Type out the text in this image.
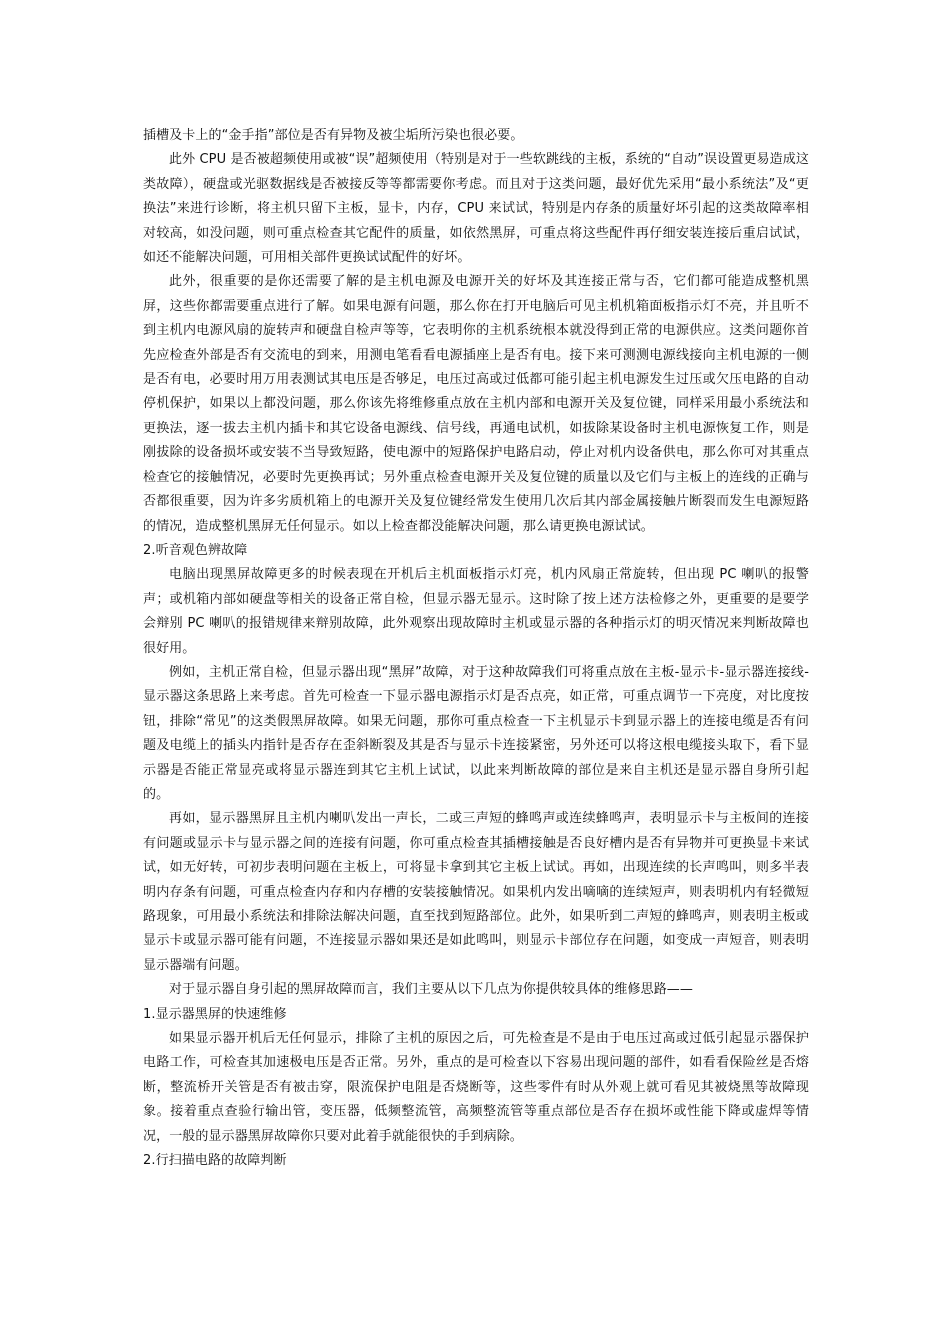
插槽及卡上的“金手指”部位是否有异物及被尘垢所污染也很必要。

此外 CPU 是否被超频使用或被“误”超频使用（特别是对于一些软跳线的主板，系统的“自动”误设置更易造成这类故障），硬盘或光驱数据线是否被接反等等都需要你考虑。而且对于这类问题，最好优先采用“最小系统法”及“更换法”来进行诊断，将主机只留下主板，显卡，内存，CPU 来试试，特别是内存条的质量好坏引起的这类故障率相对较高，如没问题，则可重点检查其它配件的质量，如依然黑屏，可重点将这些配件再仔细安装连接后重启试试，如还不能解决问题，可用相关部件更换试试配件的好坏。

此外，很重要的是你还需要了解的是主机电源及电源开关的好坏及其连接正常与否，它们都可能造成整机黑屏，这些你都需要重点进行了解。如果电源有问题，那么你在打开电脑后可见主机机箱面板指示灯不亮，并且听不到主机内电源风扇的旋转声和硬盘自检声等等，它表明你的主机系统根本就没得到正常的电源供应。这类问题你首先应检查外部是否有交流电的到来，用测电笔看看电源插座上是否有电。接下来可测测电源线接向主机电源的一侧是否有电，必要时用万用表测试其电压是否够足，电压过高或过低都可能引起主机电源发生过压或欠压电路的自动停机保护，如果以上都没问题，那么你该先将维修重点放在主机内部和电源开关及复位键，同样采用最小系统法和更换法，逐一拔去主机内插卡和其它设备电源线、信号线，再通电试机，如拔除某设备时主机电源恢复工作，则是刚拔除的设备损坏或安装不当导致短路，使电源中的短路保护电路启动，停止对机内设备供电，那么你可对其重点检查它的接触情况，必要时先更换再试；另外重点检查电源开关及复位键的质量以及它们与主板上的连线的正确与否都很重要，因为许多劣质机箱上的电源开关及复位键经常发生使用几次后其内部金属接触片断裂而发生电源短路的情况，造成整机黑屏无任何显示。如以上检查都没能解决问题，那么请更换电源试试。

2.听音观色辨故障

电脑出现黑屏故障更多的时候表现在开机后主机面板指示灯亮，机内风扇正常旋转，但出现 PC 喇叭的报警声；或机箱内部如硬盘等相关的设备正常自检，但显示器无显示。这时除了按上述方法检修之外，更重要的是要学会辩别 PC 喇叭的报错规律来辩别故障，此外观察出现故障时主机或显示器的各种指示灯的明灭情况来判断故障也很好用。

例如，主机正常自检，但显示器出现“黑屏”故障，对于这种故障我们可将重点放在主板-显示卡-显示器连接线-显示器这条思路上来考虑。首先可检查一下显示器电源指示灯是否点亮，如正常，可重点调节一下亮度，对比度按钮，排除“常见”的这类假黑屏故障。如果无问题，那你可重点检查一下主机显示卡到显示器上的连接电缆是否有问题及电缆上的插头内指针是否存在歪斜断裂及其是否与显示卡连接紧密，另外还可以将这根电缆接头取下，看下显示器是否能正常显亮或将显示器连到其它主机上试试，以此来判断故障的部位是来自主机还是显示器自身所引起的。

再如，显示器黑屏且主机内喇叭发出一声长，二或三声短的蜂鸣声或连续蜂鸣声，表明显示卡与主板间的连接有问题或显示卡与显示器之间的连接有问题，你可重点检查其插槽接触是否良好槽内是否有异物并可更换显卡来试试，如无好转，可初步表明问题在主板上，可将显卡拿到其它主板上试试。再如，出现连续的长声鸣叫，则多半表明内存条有问题，可重点检查内存和内存槽的安装接触情况。如果机内发出嘀嘀的连续短声，则表明机内有轻微短路现象，可用最小系统法和排除法解决问题，直至找到短路部位。此外，如果听到二声短的蜂鸣声，则表明主板或显示卡或显示器可能有问题，不连接显示器如果还是如此鸣叫，则显示卡部位存在问题，如变成一声短音，则表明显示器端有问题。

对于显示器自身引起的黑屏故障而言，我们主要从以下几点为你提供较具体的维修思路——

1.显示器黑屏的快速维修

如果显示器开机后无任何显示，排除了主机的原因之后，可先检查是不是由于电压过高或过低引起显示器保护电路工作，可检查其加速极电压是否正常。另外，重点的是可检查以下容易出现问题的部件，如看看保险丝是否熔断，整流桥开关管是否有被击穿，限流保护电阻是否烧断等，这些零件有时从外观上就可看见其被烧黑等故障现象。接着重点查验行输出管，变压器，低频整流管，高频整流管等重点部位是否存在损坏或性能下降或虚焊等情况，一般的显示器黑屏故障你只要对此着手就能很快的手到病除。

2.行扫描电路的故障判断
